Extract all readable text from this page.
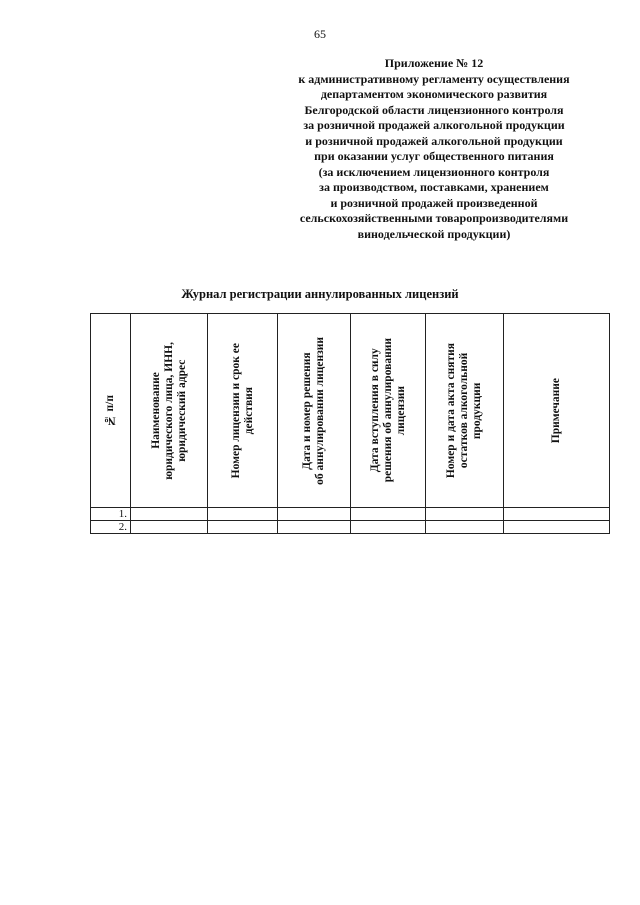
65
Приложение № 12
к административному регламенту осуществления
департаментом экономического развития
Белгородской области лицензионного контроля
за розничной продажей алкогольной продукции
и розничной продажей алкогольной продукции
при оказании услуг общественного питания
(за исключением лицензионного контроля
за производством, поставками, хранением
и розничной продажей произведенной
сельскохозяйственными товаропроизводителями
винодельческой продукции)
Журнал регистрации аннулированных лицензий
№ п/п	Наименование юридического лица, ИНН, юридический адрес	Номер лицензии и срок ее действия	Дата и номер решения об аннулировании лицензии	Дата вступления в силу решения об аннулировании лицензии	Номер и дата акта снятия остатков алкогольной продукции	Примечание

1.						
2.						
